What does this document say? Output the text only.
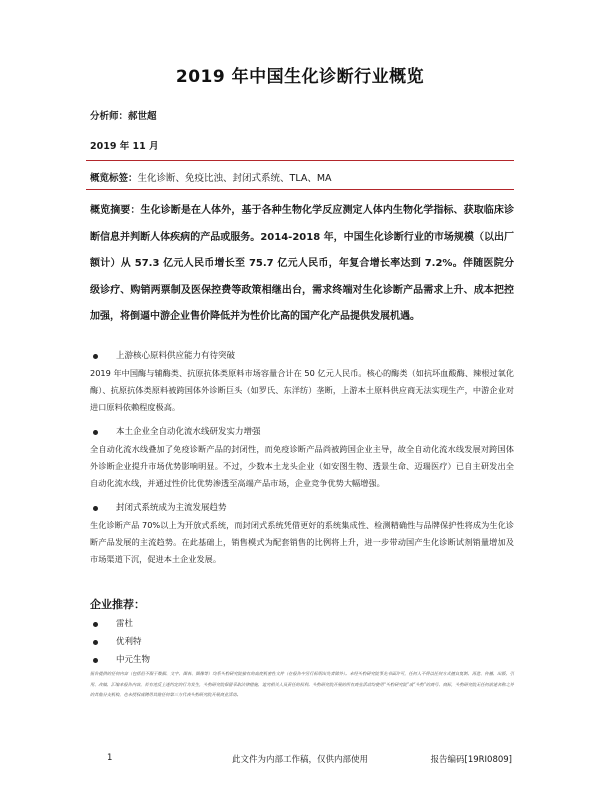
2019 年中国生化诊断行业概览
分析师：郝世超
2019 年 11 月
概览标签：生化诊断、免疫比浊、封闭式系统、TLA、MA

概览摘要：生化诊断是在人体外，基于各种生物化学反应测定人体内生物化学指标、获取临床诊断信息并判断人体疾病的产品或服务。2014-2018 年，中国生化诊断行业的市场规模（以出厂额计）从 57.3 亿元人民币增长至 75.7 亿元人民币，年复合增长率达到 7.2%。伴随医院分级诊疗、购销两票制及医保控费等政策相继出台，需求终端对生化诊断产品需求上升、成本把控加强，将倒逼中游企业售价降低并为性价比高的国产化产品提供发展机遇。

上游核心原料供应能力有待突破

2019 年中国酶与辅酶类、抗原抗体类原料市场容量合计在 50 亿元人民币。核心的酶类（如抗坏血酸酶、辣根过氧化酶）、抗原抗体类原料被跨国体外诊断巨头（如罗氏、东洋纺）垄断，上游本土原料供应商无法实现生产，中游企业对进口原料依赖程度极高。

本土企业全自动化流水线研发实力增强

全自动化流水线叠加了免疫诊断产品的封闭性，而免疫诊断产品尚被跨国企业主导，故全自动化流水线发展对跨国体外诊断企业提升市场优势影响明显。不过，少数本土龙头企业（如安图生物、透景生命、迈瑞医疗）已自主研发出全自动化流水线，并通过性价比优势渗透至高端产品市场，企业竞争优势大幅增强。

封闭式系统成为主流发展趋势

生化诊断产品 70%以上为开放式系统，而封闭式系统凭借更好的系统集成性、检测精确性与品牌保护性将成为生化诊断产品发展的主流趋势。在此基础上，销售模式为配套销售的比例将上升，进一步带动国产生化诊断试剂销量增加及市场渠道下沉，促进本土企业发展。

企业推荐：
雷杜
优利特
中元生物

报告提供的任何内容（包括但不限于数据、文字、图表、图像等）均系头豹研究院独有的高度机密性文件（在报告中另行标明出处者除外）。未经头豹研究院事先书面许可，任何人不得以任何方式擅自复制、再造、传播、出版、引用、改编、汇编本报告内容，若有违反上述约定的行为发生，头豹研究院保留采取法律措施、追究相关人员责任的权利。头豹研究院开展的所有商业活动均使用“头豹研究院”或“头豹”的商号、商标，头豹研究院无任何前述名称之外的其他分支机构，也未授权或聘用其他任何第三方代表头豹研究院开展商业活动。

1	此文件为内部工作稿，仅供内部使用	报告编码[19RI0809]
